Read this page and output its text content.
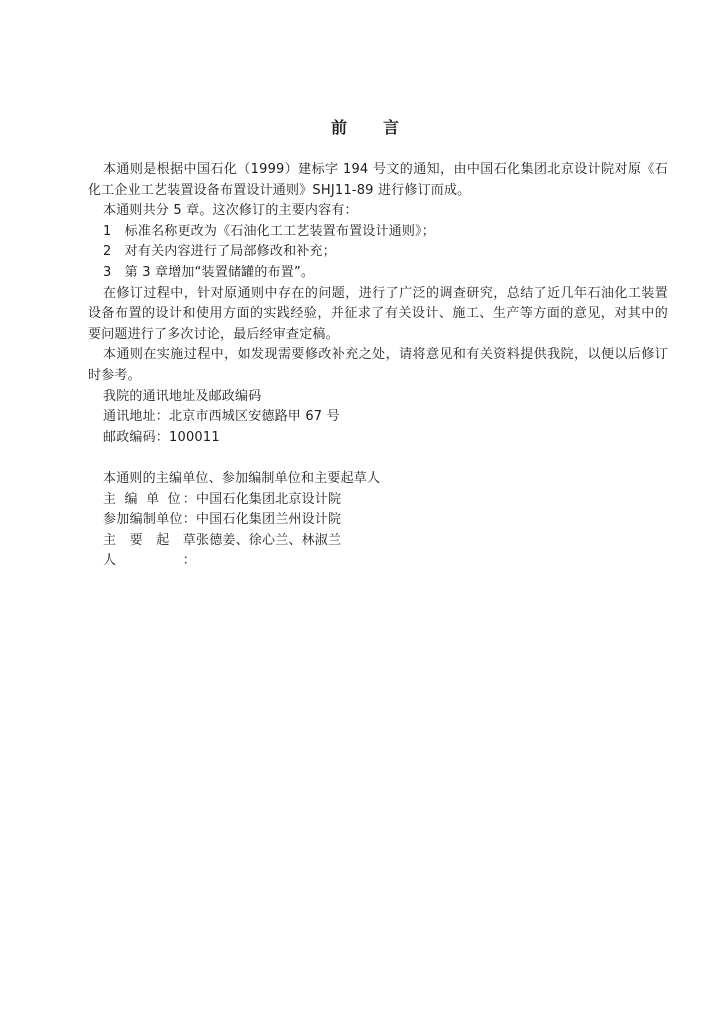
前　言
本通则是根据中国石化（1999）建标字 194 号文的通知，由中国石化集团北京设计院对原《石
化工企业工艺装置设备布置设计通则》SHJ11-89 进行修订而成。
本通则共分 5 章。这次修订的主要内容有：
1　标准名称更改为《石油化工工艺装置布置设计通则》；
2　对有关内容进行了局部修改和补充；
3　第 3 章增加“装置储罐的布置”。
在修订过程中，针对原通则中存在的问题，进行了广泛的调查研究，总结了近几年石油化工装置
设备布置的设计和使用方面的实践经验，并征求了有关设计、施工、生产等方面的意见，对其中的
要问题进行了多次讨论，最后经审查定稿。
本通则在实施过程中，如发现需要修改补充之处，请将意见和有关资料提供我院，以便以后修订
时参考。
我院的通讯地址及邮政编码
通讯地址：北京市西城区安德路甲 67 号
邮政编码：100011
本通则的主编单位、参加编制单位和主要起草人
主 编 单 位：中国石化集团北京设计院
参加编制单位：中国石化集团兰州设计院
主 要 起 草 人：张德姜、徐心兰、林淑兰
